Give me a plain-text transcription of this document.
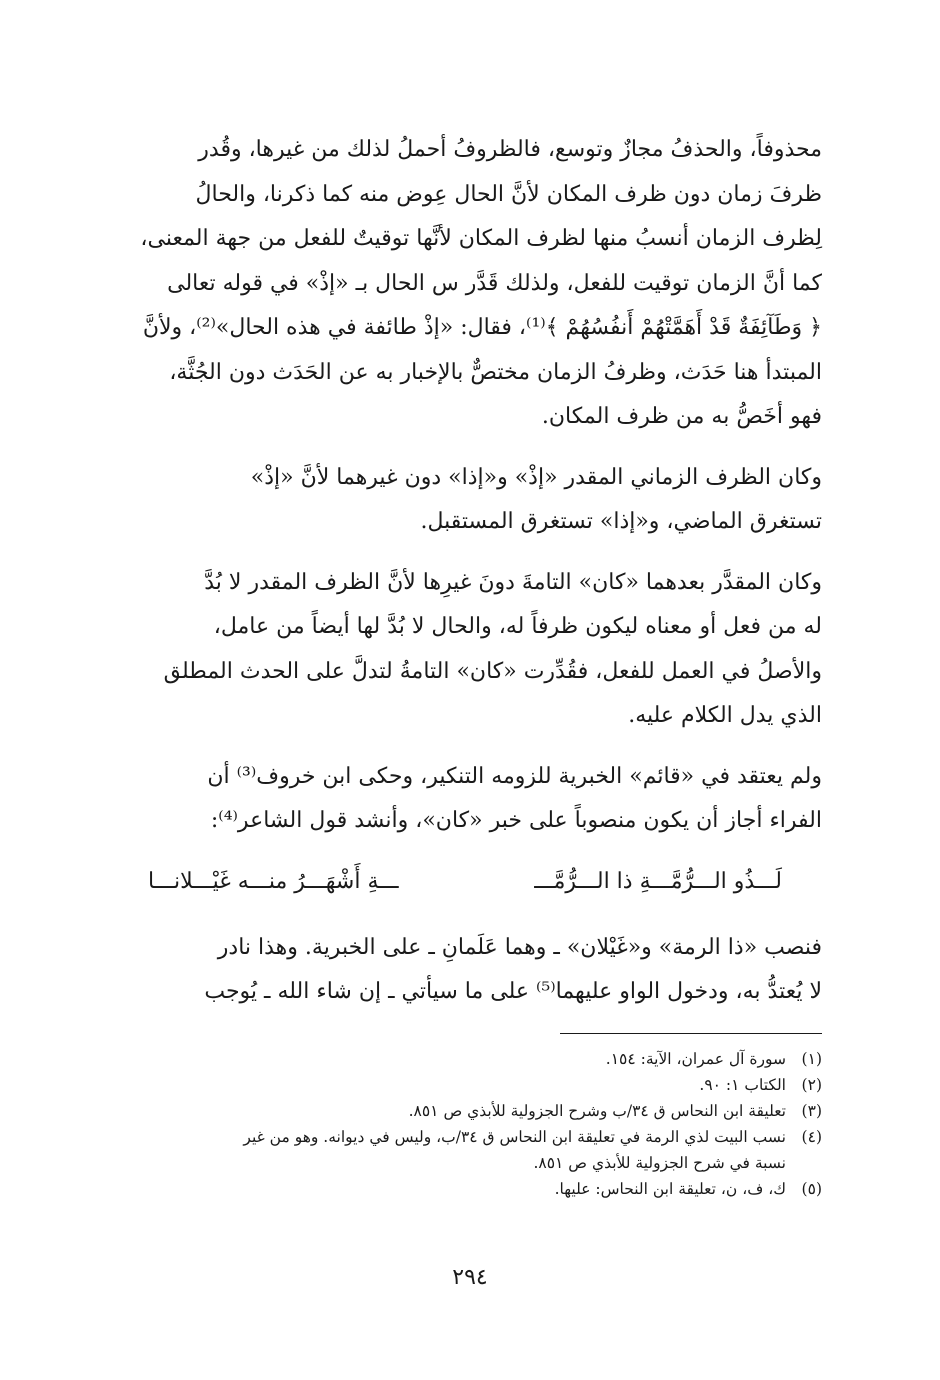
محذوفاً، والحذفُ مجازٌ وتوسع، فالظروفُ أحملُ لذلك من غيرها، وقُدر
ظرفَ زمان دون ظرف المكان لأنَّ الحال عِوض منه كما ذكرنا، والحالُ
لِظرف الزمان أنسبُ منها لظرف المكان لأنَّها توقيتٌ للفعل من جهة المعنى،
كما أنَّ الزمان توقيت للفعل، ولذلك قَدَّر س الحال بـ «إذْ» في قوله تعالى
﴿ وَطَآئِفَةٌ قَدْ أَهَمَّتْهُمْ أَنفُسُهُمْ ﴾⁽¹⁾، فقال: «إذْ طائفة في هذه الحال»⁽²⁾، ولأنَّ
المبتدأ هنا حَدَث، وظرفُ الزمان مختصٌّ بالإخبار به عن الحَدَث دون الجُثَّة،
فهو أخَصُّ به من ظرف المكان.
وكان الظرف الزماني المقدر «إذْ» و«إذا» دون غيرهما لأنَّ «إذْ»
تستغرق الماضي، و«إذا» تستغرق المستقبل.
وكان المقدَّر بعدهما «كان» التامةَ دونَ غيرِها لأنَّ الظرف المقدر لا بُدَّ
له من فعل أو معناه ليكون ظرفاً له، والحال لا بُدَّ لها أيضاً من عامل،
والأصلُ في العمل للفعل، فقُدِّرت «كان» التامةُ لتدلَّ على الحدث المطلق
الذي يدل الكلام عليه.
ولم يعتقد في «قائم» الخبرية للزومه التنكير، وحكى ابن خروف⁽³⁾ أن
الفراء أجاز أن يكون منصوباً على خبر «كان»، وأنشد قول الشاعر⁽⁴⁾:
لَـــذُو الـــرُّمَّـــةِ ذا الـــرُّمَّـــ
ـــةِ أَشْهَـــرُ منـــه غَيْـــلانـــا
فنصب «ذا الرمة» و«غَيْلان» ـ وهما عَلَمانِ ـ على الخبرية. وهذا نادر
لا يُعتدُّ به، ودخول الواو عليهما⁽⁵⁾ على ما سيأتي ـ إن شاء الله ـ يُوجب

(١)
سورة آل عمران، الآية: ١٥٤.

(٢)
الكتاب ١: ٩٠.

(٣)
تعليقة ابن النحاس ق ٣٤/ب وشرح الجزولية للأبذي ص ٨٥١.

(٤)
نسب البيت لذي الرمة في تعليقة ابن النحاس ق ٣٤/ب، وليس في ديوانه. وهو من غير

نسبة في شرح الجزولية للأبذي ص ٨٥١.

(٥)
ك، ف، ن، تعليقة ابن النحاس: عليها.

٢٩٤
